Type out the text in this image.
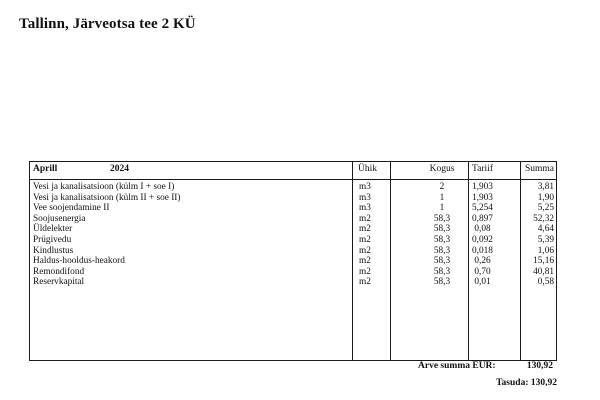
Tallinn, Järveotsa tee 2 KÜ
Aprill	2024	Ühik	Kogus	Tariif	Summa
Vesi ja kanalisatsioon (külm I + soe I)	m3	2	1,903	3,81
Vesi ja kanalisatsioon (külm II + soe II)	m3	1	1,903	1,90
Vee soojendamine II	m3	1	5,254	5,25
Soojusenergia	m2	58,3	0,897	52,32
Üldelekter	m2	58,3	0,08	4,64
Prügivedu	m2	58,3	0,092	5,39
Kindlustus	m2	58,3	0,018	1,06
Haldus-hooldus-heakord	m2	58,3	0,26	15,16
Remondifond	m2	58,3	0,70	40,81
Reservkapital	m2	58,3	0,01	0,58
Arve summa EUR:	130,92
Tasuda: 130,92
